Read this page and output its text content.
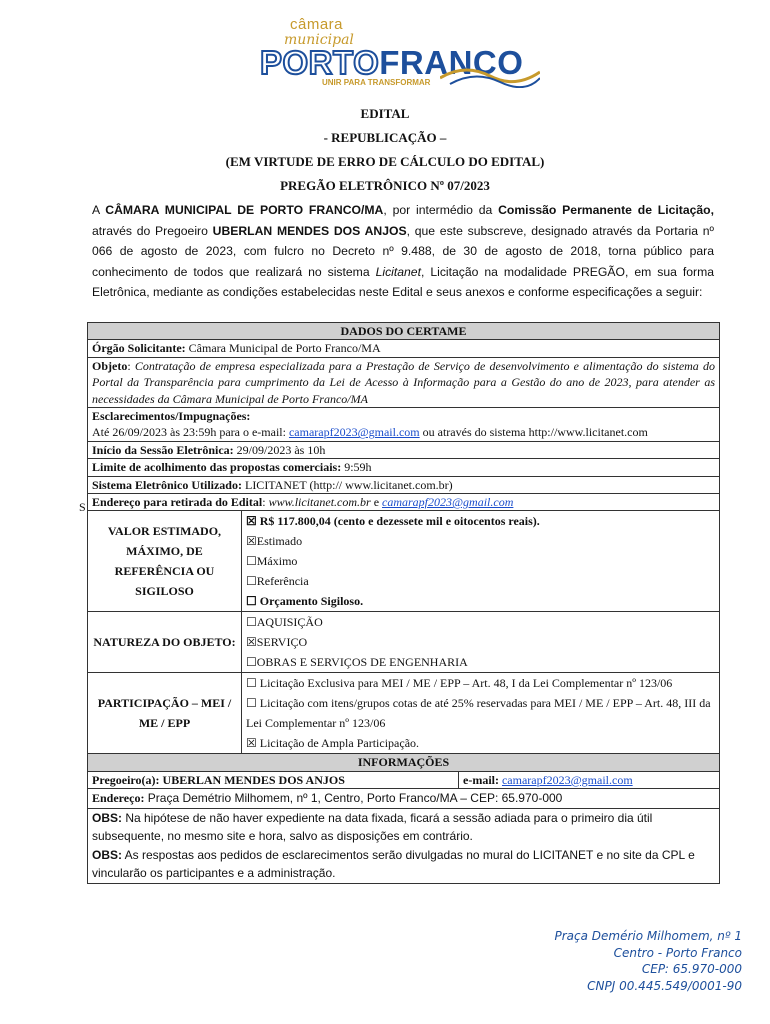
câmara
municipal
PORTOFRANCO
UNIR PARA TRANSFORMAR
EDITAL
- REPUBLICAÇÃO –
(EM VIRTUDE DE ERRO DE CÁLCULO DO EDITAL)
PREGÃO ELETRÔNICO Nº 07/2023
A CÂMARA MUNICIPAL DE PORTO FRANCO/MA, por intermédio da Comissão Permanente de Licitação, através do Pregoeiro UBERLAN MENDES DOS ANJOS, que este subscreve, designado através da Portaria nº 066 de agosto de 2023, com fulcro no Decreto nº 9.488, de 30 de agosto de 2018, torna público para conhecimento de todos que realizará no sistema Licitanet, Licitação na modalidade PREGÃO, em sua forma Eletrônica, mediante as condições estabelecidas neste Edital e seus anexos e conforme especificações a seguir:
S
DADOS DO CERTAME	
Órgão Solicitante: Câmara Municipal de Porto Franco/MA	
Objeto: Contratação de empresa especializada para a Prestação de Serviço de desenvolvimento e alimentação do sistema do Portal da Transparência para cumprimento da Lei de Acesso à Informação para a Gestão do ano de 2023, para atender as necessidades da Câmara Municipal de Porto Franco/MA	
Esclarecimentos/Impugnações:
Até 26/09/2023 às 23:59h para o e-mail: camarapf2023@gmail.com ou através do sistema http://www.licitanet.com	
Início da Sessão Eletrônica: 29/09/2023 às 10h	
Limite de acolhimento das propostas comerciais: 9:59h	
Sistema Eletrônico Utilizado: LICITANET (http:// www.licitanet.com.br)	
Endereço para retirada do Edital: www.licitanet.com.br e camarapf2023@gmail.com	
VALOR ESTIMADO, MÁXIMO, DE REFERÊNCIA OU SIGILOSO	☒ R$ 117.800,04 (cento e dezessete mil e oitocentos reais).
☒Estimado
☐Máximo
☐Referência
☐ Orçamento Sigiloso.

NATUREZA DO OBJETO:	☐AQUISIÇÃO
☒SERVIÇO
☐OBRAS E SERVIÇOS DE ENGENHARIA

PARTICIPAÇÃO – MEI / ME / EPP	☐ Licitação Exclusiva para MEI / ME / EPP – Art. 48, I da Lei Complementar nº 123/06
☐ Licitação com itens/grupos cotas de até 25% reservadas para MEI / ME / EPP – Art. 48, III da Lei Complementar nº 123/06
☒ Licitação de Ampla Participação.

INFORMAÇÕES	

Pregoeiro(a): UBERLAN MENDES DOS ANJOS e-mail: camarapf2023@gmail.com	

Endereço: Praça Demétrio Milhomem, nº 1, Centro, Porto Franco/MA – CEP: 65.970-000	
OBS: Na hipótese de não haver expediente na data fixada, ficará a sessão adiada para o primeiro dia útil subsequente, no mesmo site e hora, salvo as disposições em contrário.
OBS: As respostas aos pedidos de esclarecimentos serão divulgadas no mural do LICITANET e no site da CPL e vincularão os participantes e a administração.	
Praça Demério Milhomem, nº 1
Centro - Porto Franco
CEP: 65.970-000
CNPJ 00.445.549/0001-90
